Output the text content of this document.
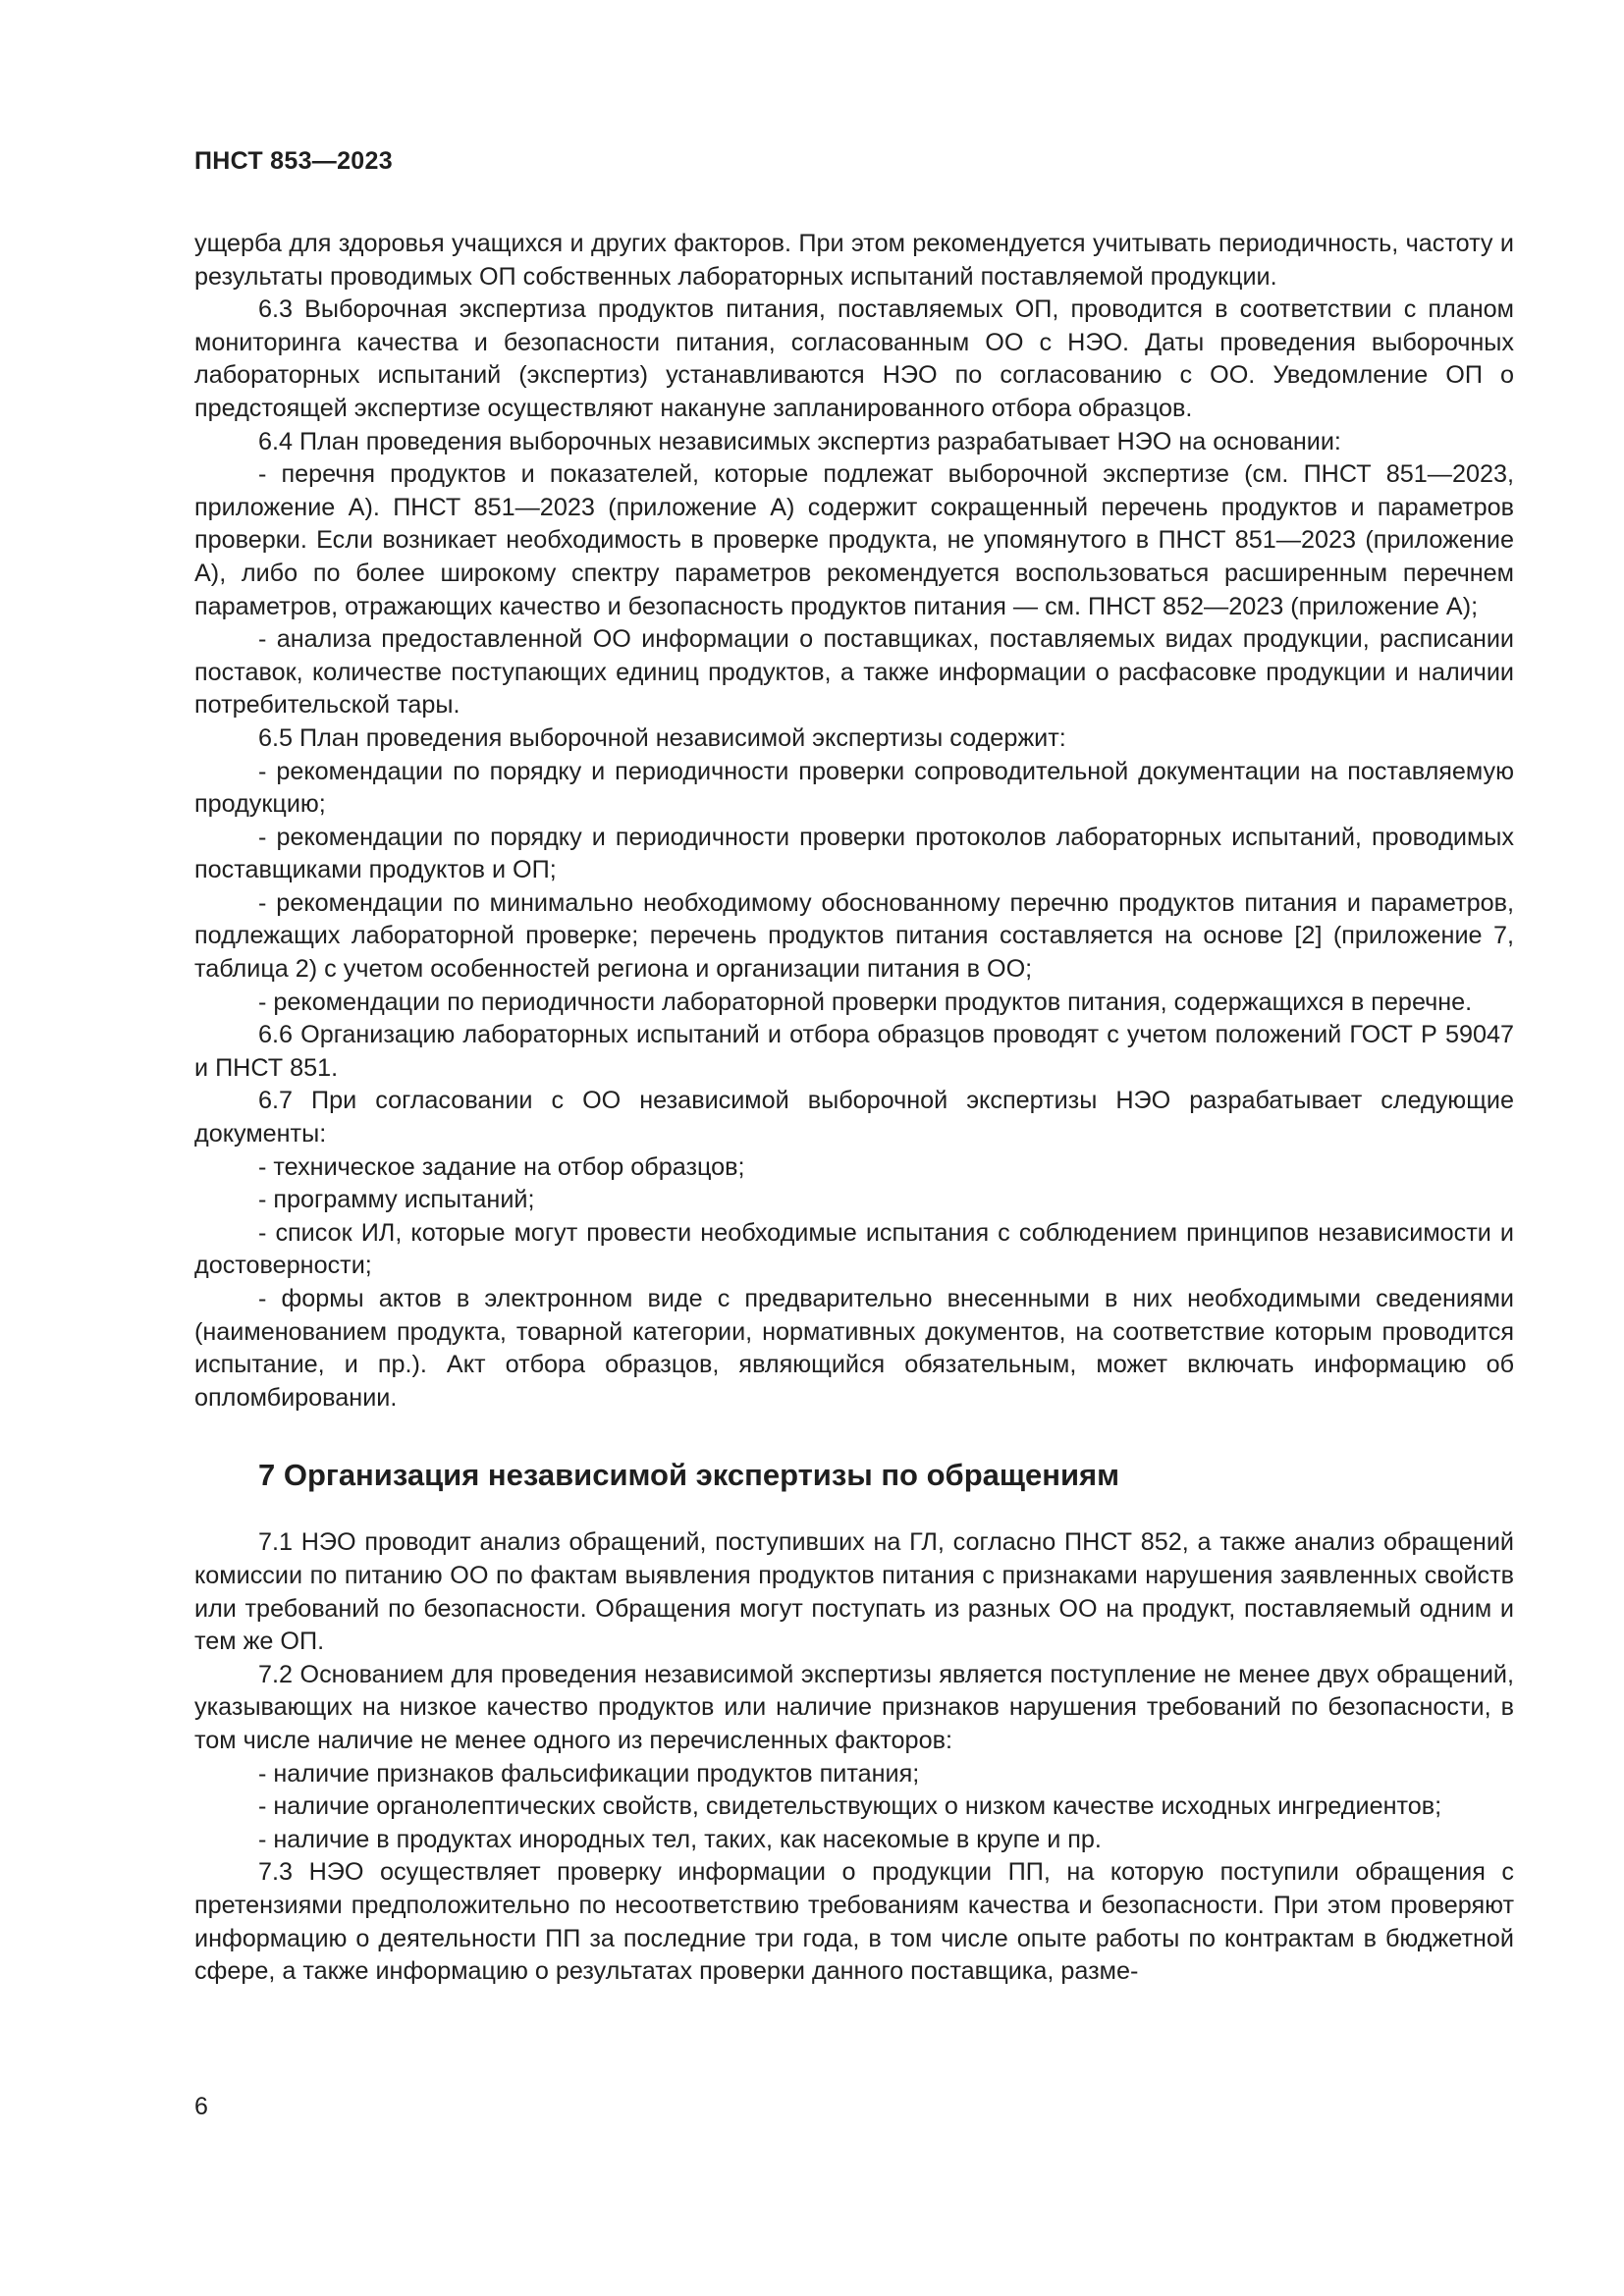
ПНСТ 853—2023

ущерба для здоровья учащихся и других факторов. При этом рекомендуется учитывать периодичность, частоту и результаты проводимых ОП собственных лабораторных испытаний поставляемой продукции.

6.3 Выборочная экспертиза продуктов питания, поставляемых ОП, проводится в соответствии с планом мониторинга качества и безопасности питания, согласованным ОО с НЭО. Даты проведения выборочных лабораторных испытаний (экспертиз) устанавливаются НЭО по согласованию с ОО. Уведомление ОП о предстоящей экспертизе осуществляют накануне запланированного отбора образцов.

6.4 План проведения выборочных независимых экспертиз разрабатывает НЭО на основании:

- перечня продуктов и показателей, которые подлежат выборочной экспертизе (см. ПНСТ 851—2023, приложение А). ПНСТ 851—2023 (приложение А) содержит сокращенный перечень продуктов и параметров проверки. Если возникает необходимость в проверке продукта, не упомянутого в ПНСТ 851—2023 (приложение А), либо по более широкому спектру параметров рекомендуется воспользоваться расширенным перечнем параметров, отражающих качество и безопасность продуктов питания — см. ПНСТ 852—2023 (приложение А);

- анализа предоставленной ОО информации о поставщиках, поставляемых видах продукции, расписании поставок, количестве поступающих единиц продуктов, а также информации о расфасовке продукции и наличии потребительской тары.

6.5 План проведения выборочной независимой экспертизы содержит:

- рекомендации по порядку и периодичности проверки сопроводительной документации на поставляемую продукцию;

- рекомендации по порядку и периодичности проверки протоколов лабораторных испытаний, проводимых поставщиками продуктов и ОП;

- рекомендации по минимально необходимому обоснованному перечню продуктов питания и параметров, подлежащих лабораторной проверке; перечень продуктов питания составляется на основе [2] (приложение 7, таблица 2) с учетом особенностей региона и организации питания в ОО;

- рекомендации по периодичности лабораторной проверки продуктов питания, содержащихся в перечне.

6.6 Организацию лабораторных испытаний и отбора образцов проводят с учетом положений ГОСТ Р 59047 и ПНСТ 851.

6.7 При согласовании с ОО независимой выборочной экспертизы НЭО разрабатывает следующие документы:

- техническое задание на отбор образцов;

- программу испытаний;

- список ИЛ, которые могут провести необходимые испытания с соблюдением принципов независимости и достоверности;

- формы актов в электронном виде с предварительно внесенными в них необходимыми сведениями (наименованием продукта, товарной категории, нормативных документов, на соответствие которым проводится испытание, и пр.). Акт отбора образцов, являющийся обязательным, может включать информацию об опломбировании.

7 Организация независимой экспертизы по обращениям

7.1 НЭО проводит анализ обращений, поступивших на ГЛ, согласно ПНСТ 852, а также анализ обращений комиссии по питанию ОО по фактам выявления продуктов питания с признаками нарушения заявленных свойств или требований по безопасности. Обращения могут поступать из разных ОО на продукт, поставляемый одним и тем же ОП.

7.2 Основанием для проведения независимой экспертизы является поступление не менее двух обращений, указывающих на низкое качество продуктов или наличие признаков нарушения требований по безопасности, в том числе наличие не менее одного из перечисленных факторов:

- наличие признаков фальсификации продуктов питания;

- наличие органолептических свойств, свидетельствующих о низком качестве исходных ингредиентов;

- наличие в продуктах инородных тел, таких, как насекомые в крупе и пр.

7.3 НЭО осуществляет проверку информации о продукции ПП, на которую поступили обращения с претензиями предположительно по несоответствию требованиям качества и безопасности. При этом проверяют информацию о деятельности ПП за последние три года, в том числе опыте работы по контрактам в бюджетной сфере, а также информацию о результатах проверки данного поставщика, разме-

6
